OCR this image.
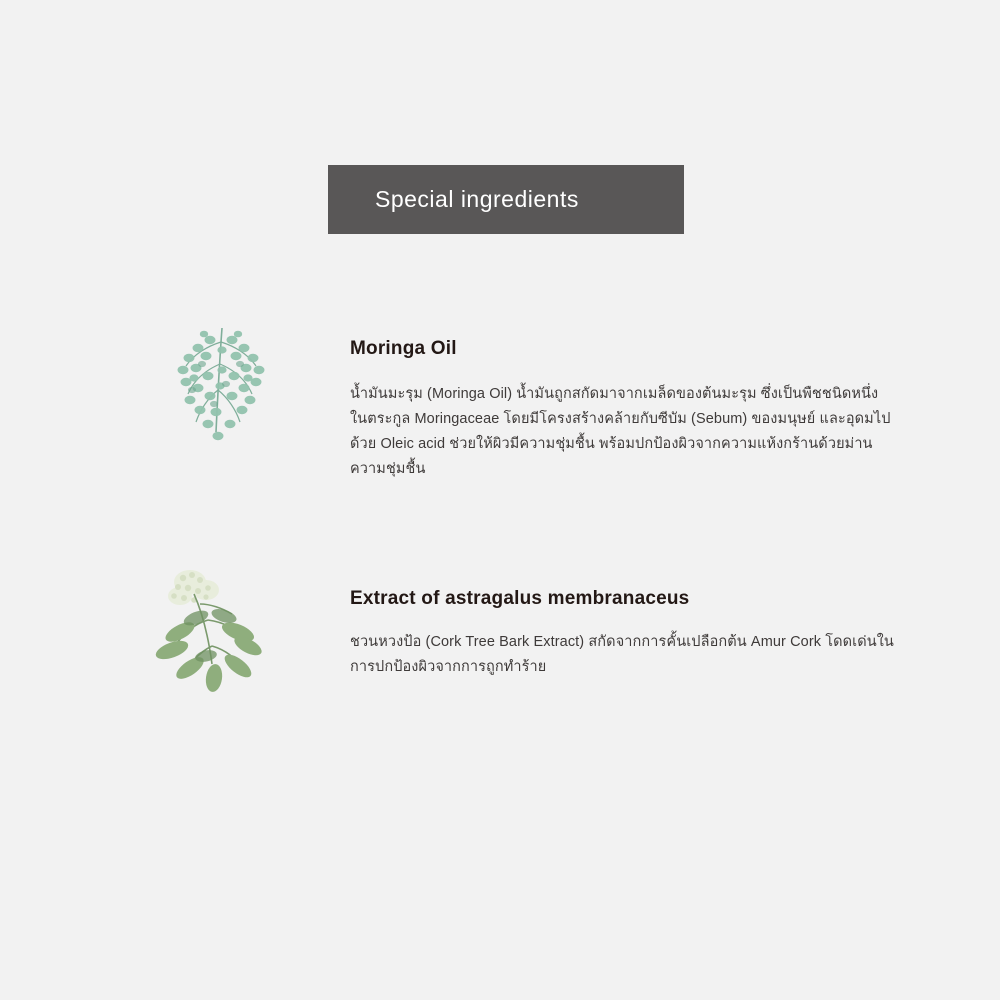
Special ingredients
Moringa Oil

น้ำมันมะรุม (Moringa Oil) น้ำมันถูกสกัดมาจากเมล็ดของต้นมะรุม ซึ่งเป็นพืชชนิดหนึ่งในตระกูล Moringaceae โดยมีโครงสร้างคล้ายกับซีบัม (Sebum) ของมนุษย์ และอุดมไปด้วย Oleic acid ช่วยให้ผิวมีความชุ่มชื้น พร้อมปกป้องผิวจากความแห้งกร้านด้วยม่านความชุ่มชื้น

Extract of astragalus membranaceus

ชวนหวงป้อ (Cork Tree Bark Extract) สกัดจากการคั้นเปลือกต้น Amur Cork โดดเด่นในการปกป้องผิวจากการถูกทำร้าย
